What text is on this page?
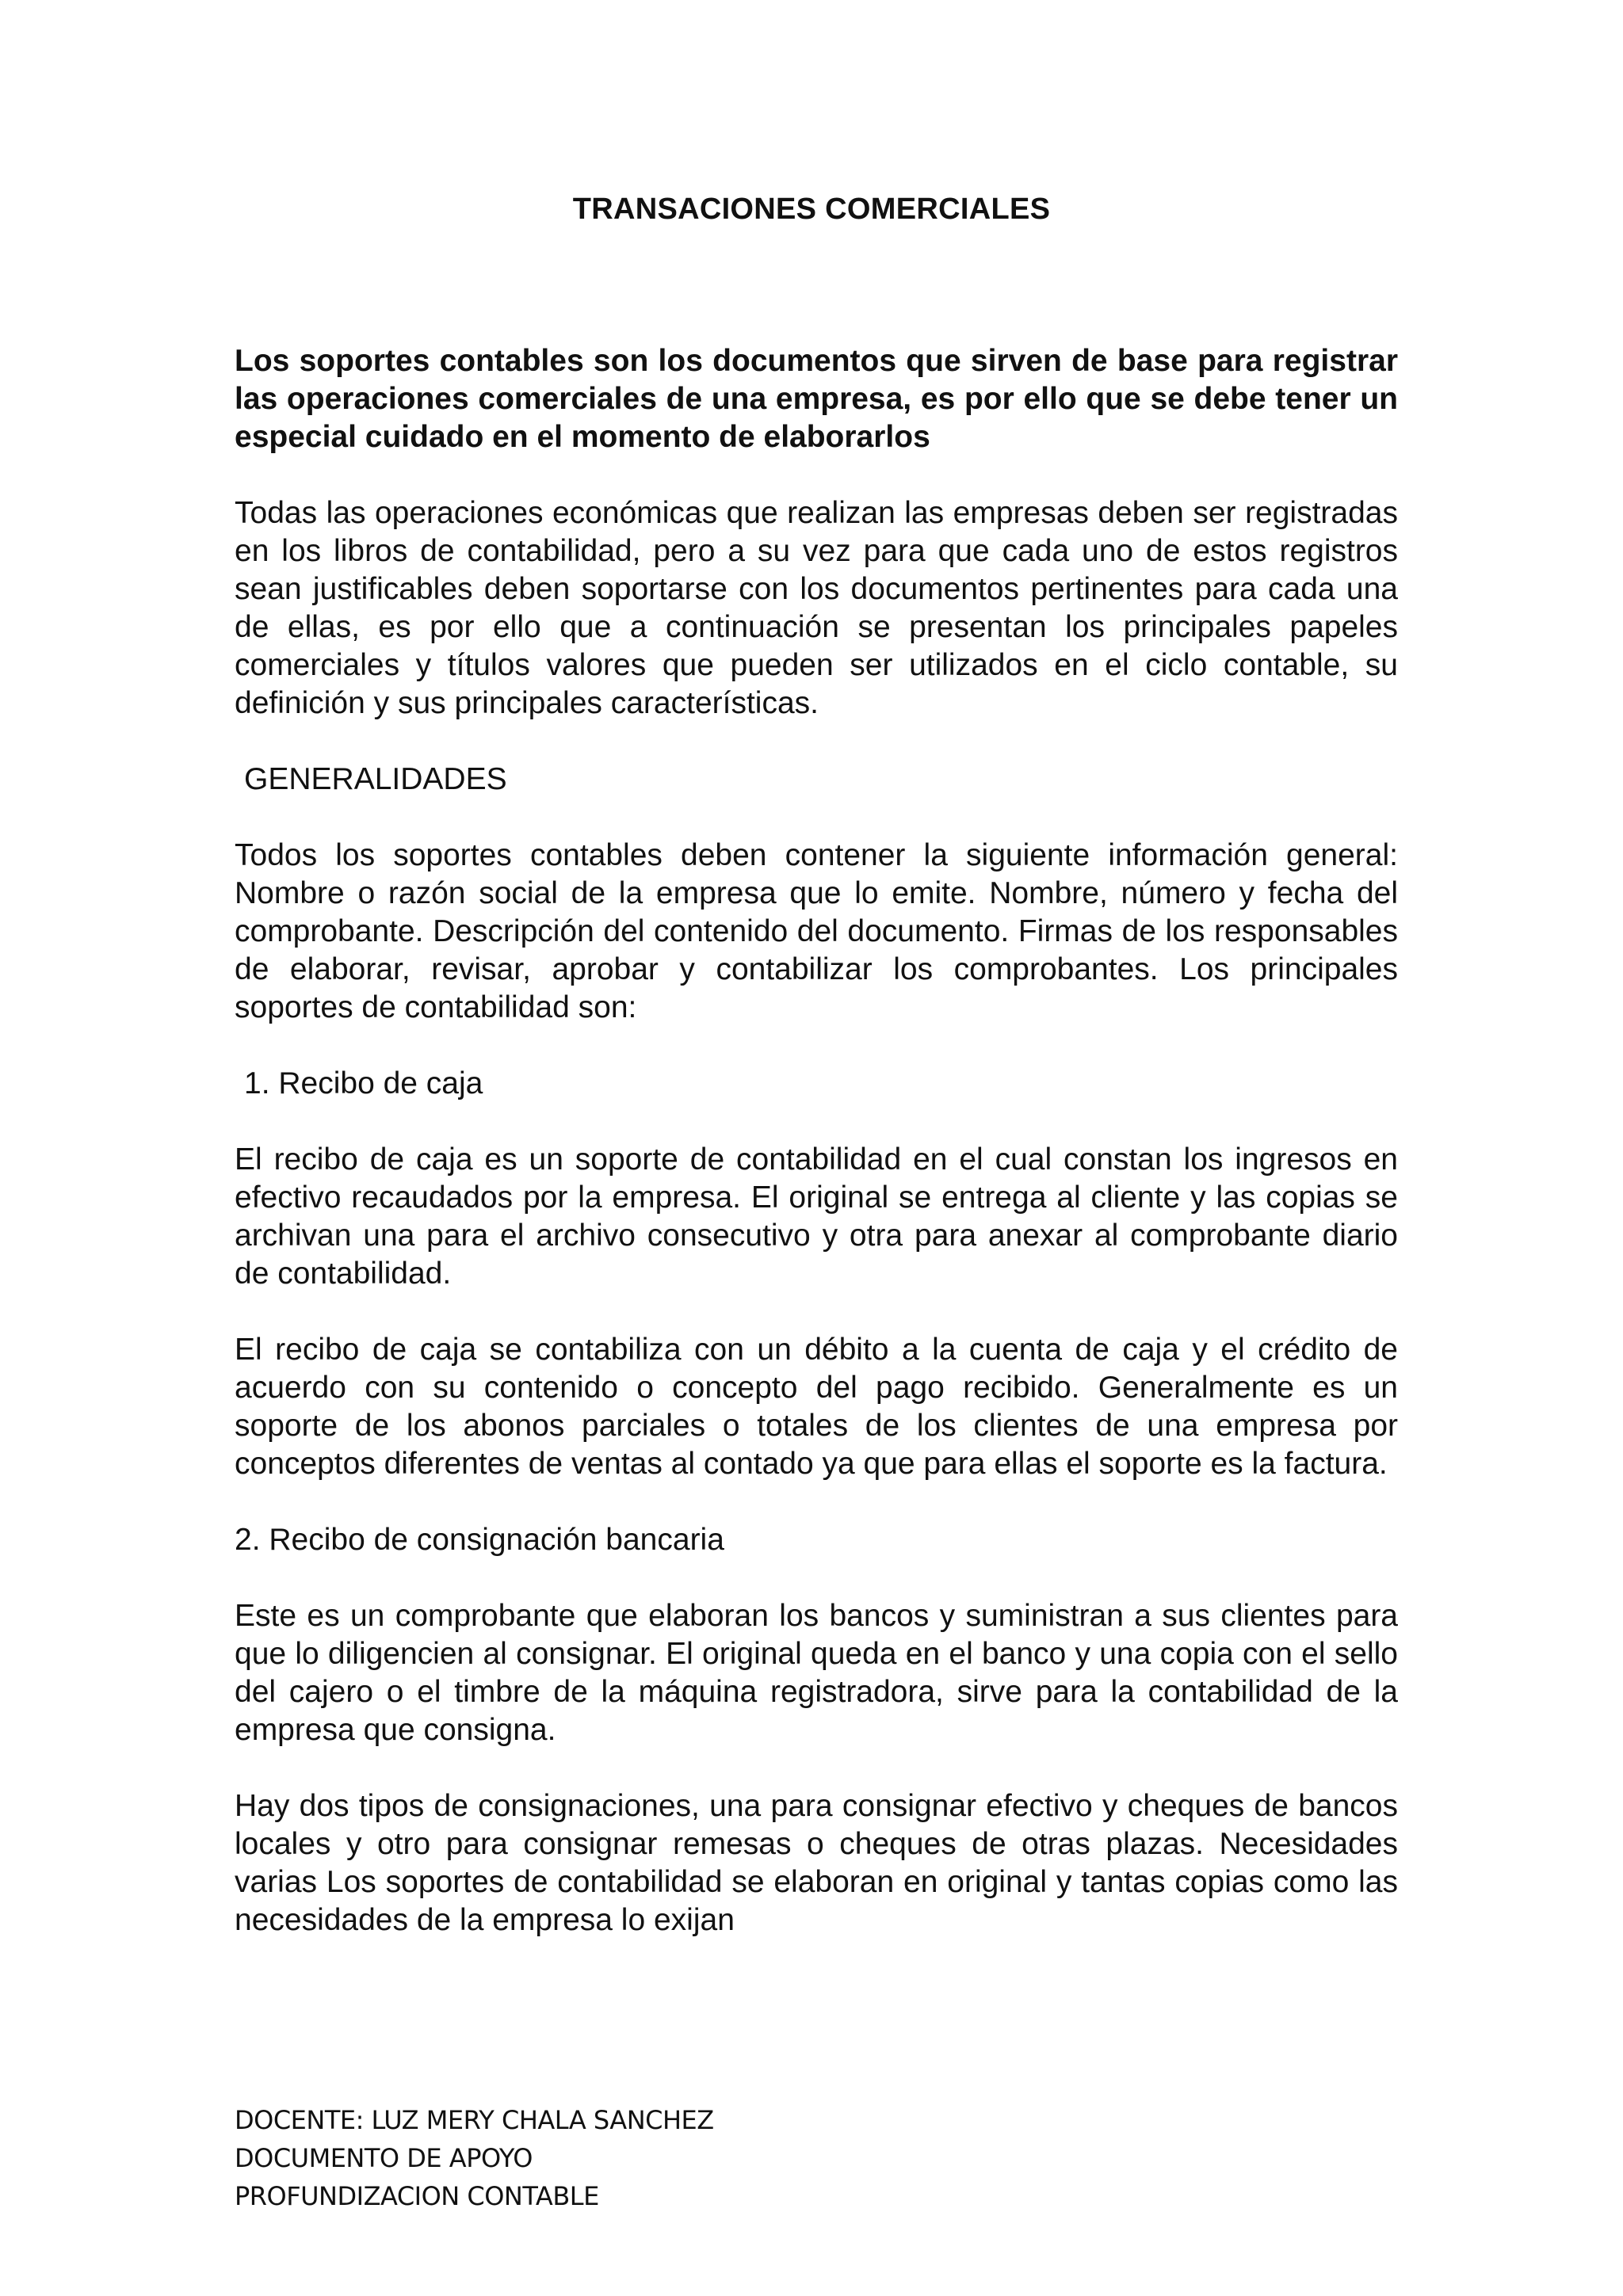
TRANSACIONES COMERCIALES

Los soportes contables son los documentos que sirven de base para registrar las operaciones comerciales de una empresa, es por ello que se debe tener un especial cuidado en el momento de elaborarlos

Todas las operaciones económicas que realizan las empresas deben ser registradas en los libros de contabilidad, pero a su vez para que cada uno de estos registros sean justificables deben soportarse con los documentos pertinentes para cada una de ellas, es por ello que a continuación se presentan los principales papeles comerciales y títulos valores que pueden ser utilizados en el ciclo contable, su definición y sus principales características.

GENERALIDADES

Todos los soportes contables deben contener la siguiente información general: Nombre o razón social de la empresa que lo emite. Nombre, número y fecha del comprobante. Descripción del contenido del documento. Firmas de los responsables de elaborar, revisar, aprobar y contabilizar los comprobantes. Los principales soportes de contabilidad son:

1. Recibo de caja

El recibo de caja es un soporte de contabilidad en el cual constan los ingresos en efectivo recaudados por la empresa. El original se entrega al cliente y las copias se archivan una para el archivo consecutivo y otra para anexar al comprobante diario de contabilidad.

El recibo de caja se contabiliza con un débito a la cuenta de caja y el crédito de acuerdo con su contenido o concepto del pago recibido. Generalmente es un soporte de los abonos parciales o totales de los clientes de una empresa por conceptos diferentes de ventas al contado ya que para ellas el soporte es la factura.

2. Recibo de consignación bancaria

Este es un comprobante que elaboran los bancos y suministran a sus clientes para que lo diligencien al consignar. El original queda en el banco y una copia con el sello del cajero o el timbre de la máquina registradora, sirve para la contabilidad de la empresa que consigna.

Hay dos tipos de consignaciones, una para consignar efectivo y cheques de bancos locales y otro para consignar remesas o cheques de otras plazas. Necesidades varias Los soportes de contabilidad se elaboran en original y tantas copias como las necesidades de la empresa lo exijan

DOCENTE: LUZ MERY CHALA SANCHEZ
DOCUMENTO DE APOYO
PROFUNDIZACION CONTABLE
